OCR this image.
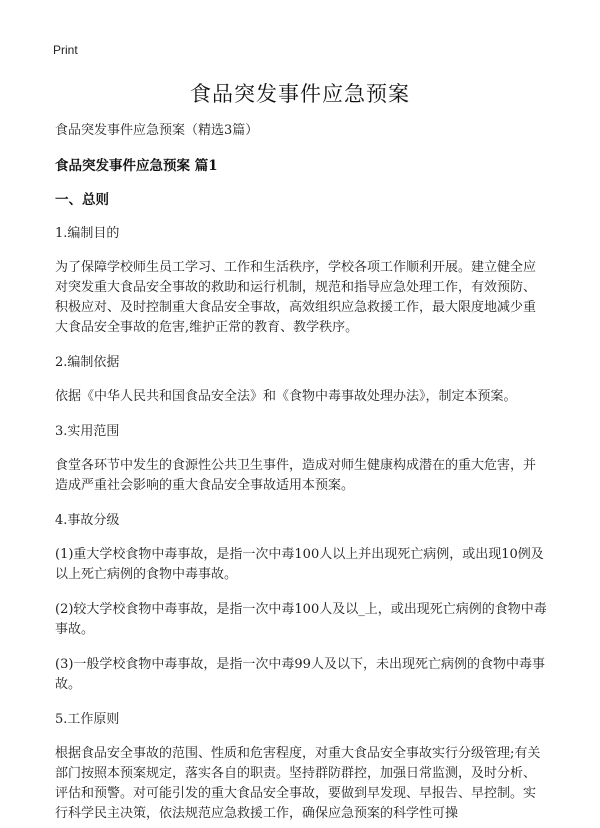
Print
食品突发事件应急预案

食品突发事件应急预案（精选3篇）

食品突发事件应急预案 篇1

一、总则

1.编制目的

为了保障学校师生员工学习、工作和生活秩序，学校各项工作顺利开展。建立健全应对突发重大食品安全事故的救助和运行机制，规范和指导应急处理工作，有效预防、积极应对、及时控制重大食品安全事故，高效组织应急救援工作，最大限度地减少重大食品安全事故的危害,维护正常的教育、教学秩序。

2.编制依据

依据《中华人民共和国食品安全法》和《食物中毒事故处理办法》，制定本预案。

3.实用范围

食堂各环节中发生的食源性公共卫生事件，造成对师生健康构成潜在的重大危害，并造成严重社会影响的重大食品安全事故适用本预案。

4.事故分级

(1)重大学校食物中毒事故，是指一次中毒100人以上并出现死亡病例，或出现10例及以上死亡病例的食物中毒事故。

(2)较大学校食物中毒事故，是指一次中毒100人及以_上，或出现死亡病例的食物中毒事故。

(3)一般学校食物中毒事故，是指一次中毒99人及以下，未出现死亡病例的食物中毒事故。

5.工作原则

根据食品安全事故的范围、性质和危害程度，对重大食品安全事故实行分级管理;有关部门按照本预案规定，落实各自的职责。坚持群防群控，加强日常监测，及时分析、评估和预警。对可能引发的重大食品安全事故，要做到早发现、早报告、早控制。实行科学民主决策，依法规范应急救援工作，确保应急预案的科学性可操
